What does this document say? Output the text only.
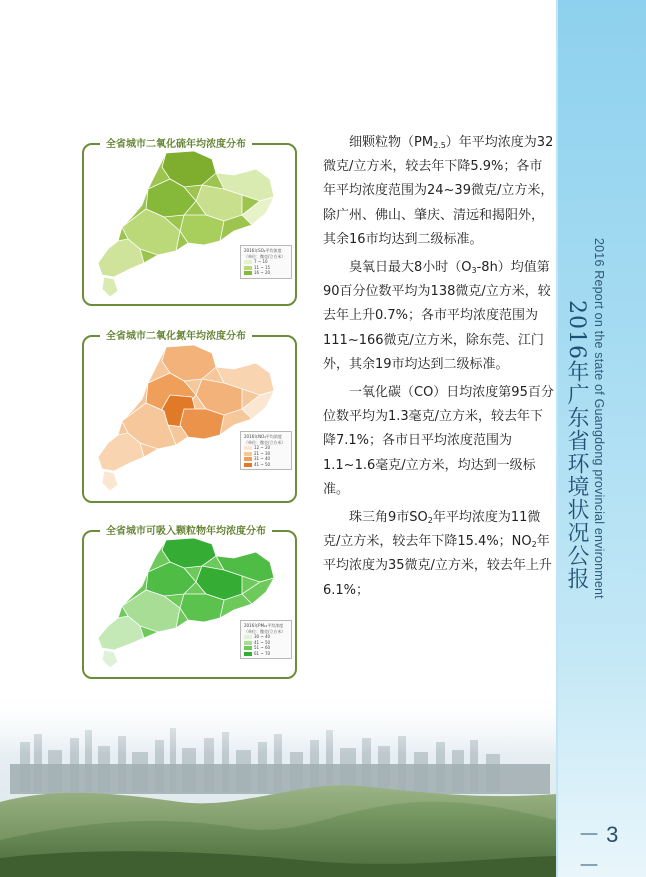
2016 Report on the state of Guangdong provincial environment
2016年广东省环境状况公报
－ 3 －
全省城市二氧化硫年均浓度分布
2016年SO₂平均浓度
（单位：微克/立方米）
7 ~ 10
11 ~ 15
16 ~ 20
全省城市二氧化氮年均浓度分布
2016年NO₂平均浓度
（单位：微克/立方米）
12 ~ 20
21 ~ 30
31 ~ 40
41 ~ 50
全省城市可吸入颗粒物年均浓度分布
2016年PM₁₀平均浓度
（单位：微克/立方米）
30 ~ 40
41 ~ 50
51 ~ 60
61 ~ 70

细颗粒物$(PM_{2.5})$年平均浓度为32微克/立方米，较去年下降5.9%；各市年平均浓度范围为24~39微克/立方米，除广州、佛山、肇庆、清远和揭阳外，其余16市均达到二级标准。

臭氧日最大8小时$(O_3-8h)$均值第90百分位数平均为138微克/立方米，较去年上升0.7%；各市平均浓度范围为111~166微克/立方米，除东莞、江门外，其余19市均达到二级标准。

一氧化碳（CO）日均浓度第95百分位数平均为1.3毫克/立方米，较去年下降7.1%；各市日平均浓度范围为1.1~1.6毫克/立方米，均达到一级标准。

珠三角9市$SO_2$年平均浓度为11微克/立方米，较去年下降15.4%；$NO_2$年平均浓度为35微克/立方米，较去年上升6.1%；
